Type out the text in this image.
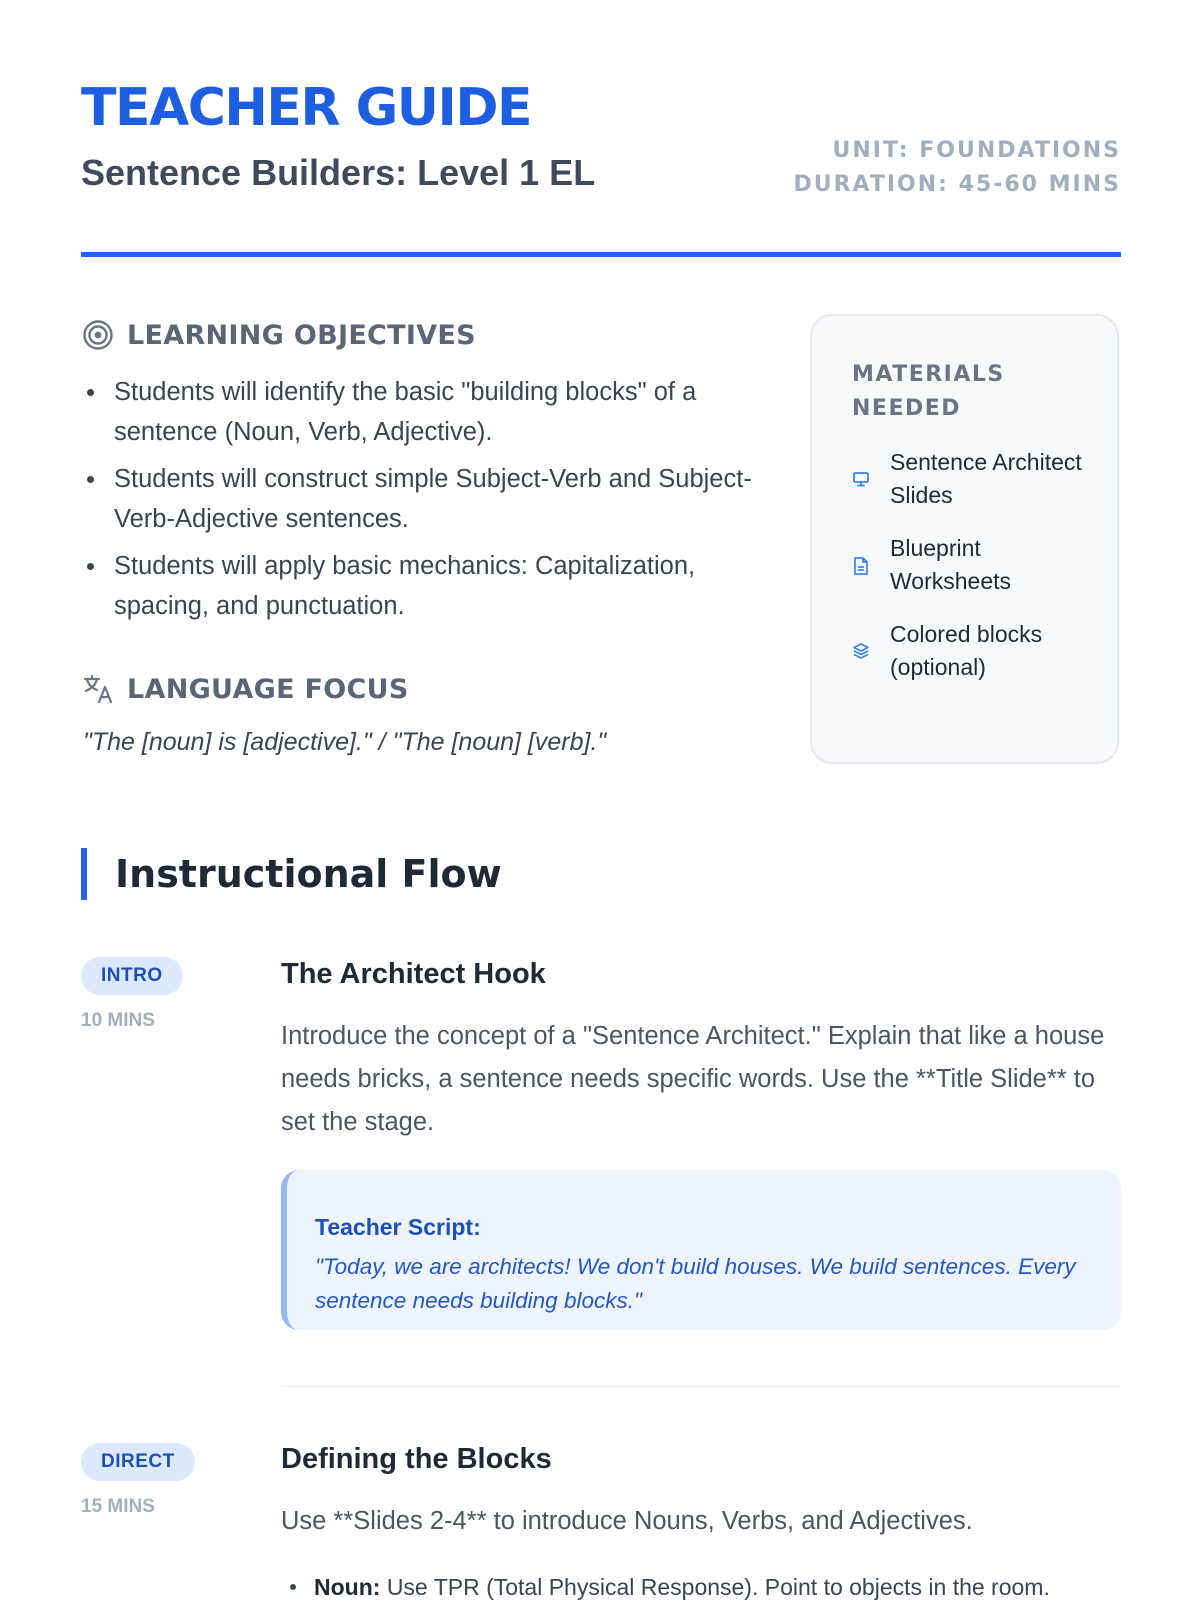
TEACHER GUIDE
Sentence Builders: Level 1 EL
UNIT: FOUNDATIONS
DURATION: 45-60 MINS
LEARNING OBJECTIVES
Students will identify the basic "building blocks" of a sentence (Noun, Verb, Adjective).
Students will construct simple Subject-Verb and Subject-Verb-Adjective sentences.
Students will apply basic mechanics: Capitalization, spacing, and punctuation.
LANGUAGE FOCUS
"The [noun] is [adjective]." / "The [noun] [verb]."
MATERIALS NEEDED
Sentence Architect Slides
Blueprint Worksheets
Colored blocks (optional)
Instructional Flow
INTRO
10 MINS
The Architect Hook
Introduce the concept of a "Sentence Architect." Explain that like a house needs bricks, a sentence needs specific words. Use the **Title Slide** to set the stage.
Teacher Script:
"Today, we are architects! We don't build houses. We build sentences. Every sentence needs building blocks."
DIRECT
15 MINS
Defining the Blocks
Use **Slides 2-4** to introduce Nouns, Verbs, and Adjectives.
Noun: Use TPR (Total Physical Response). Point to objects in the room.
